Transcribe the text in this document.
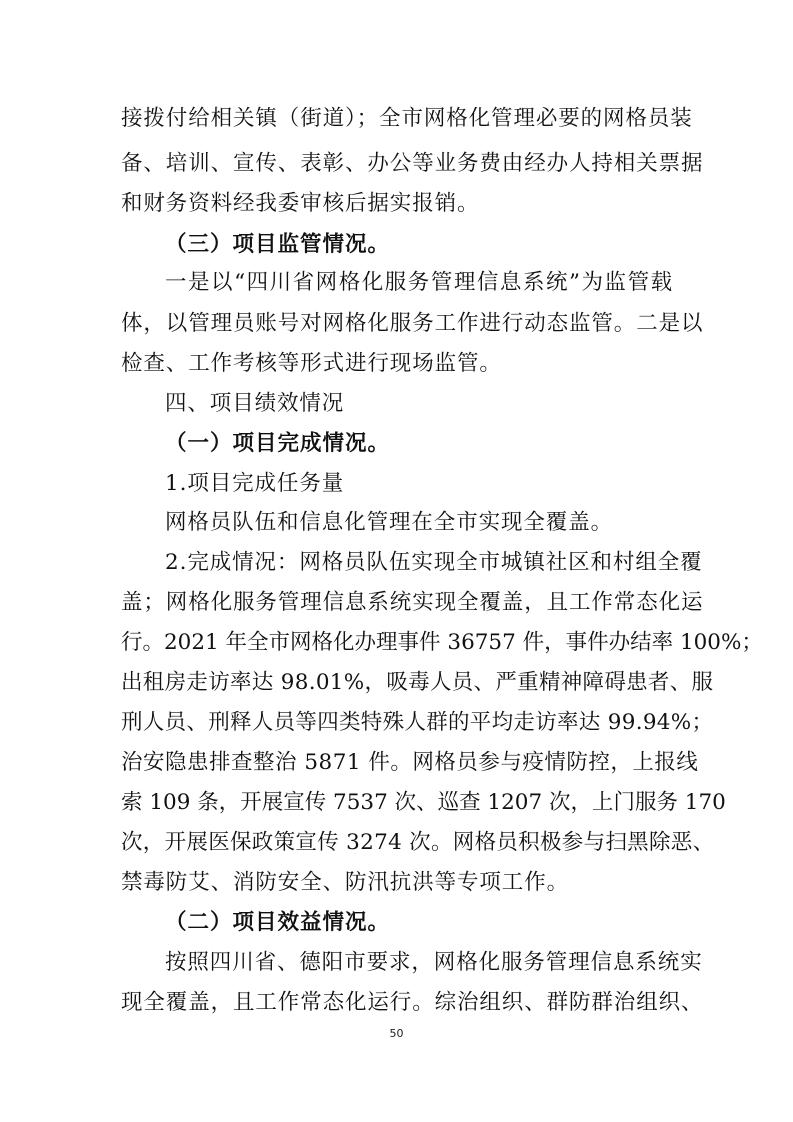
接拨付给相关镇（街道）；全市网格化管理必要的网格员装
备、培训、宣传、表彰、办公等业务费由经办人持相关票据
和财务资料经我委审核后据实报销。
（三）项目监管情况。
一是以“四川省网格化服务管理信息系统”为监管载
体，以管理员账号对网格化服务工作进行动态监管。二是以
检查、工作考核等形式进行现场监管。
四、项目绩效情况
（一）项目完成情况。
1.项目完成任务量
网格员队伍和信息化管理在全市实现全覆盖。
2.完成情况：网格员队伍实现全市城镇社区和村组全覆
盖；网格化服务管理信息系统实现全覆盖，且工作常态化运
行。2021 年全市网格化办理事件 36757 件，事件办结率 100%；
出租房走访率达 98.01%，吸毒人员、严重精神障碍患者、服
刑人员、刑释人员等四类特殊人群的平均走访率达 99.94%；
治安隐患排查整治 5871 件。网格员参与疫情防控，上报线
索 109 条，开展宣传 7537 次、巡查 1207 次，上门服务 170
次，开展医保政策宣传 3274 次。网格员积极参与扫黑除恶、
禁毒防艾、消防安全、防汛抗洪等专项工作。
（二）项目效益情况。
按照四川省、德阳市要求，网格化服务管理信息系统实
现全覆盖，且工作常态化运行。综治组织、群防群治组织、
50
